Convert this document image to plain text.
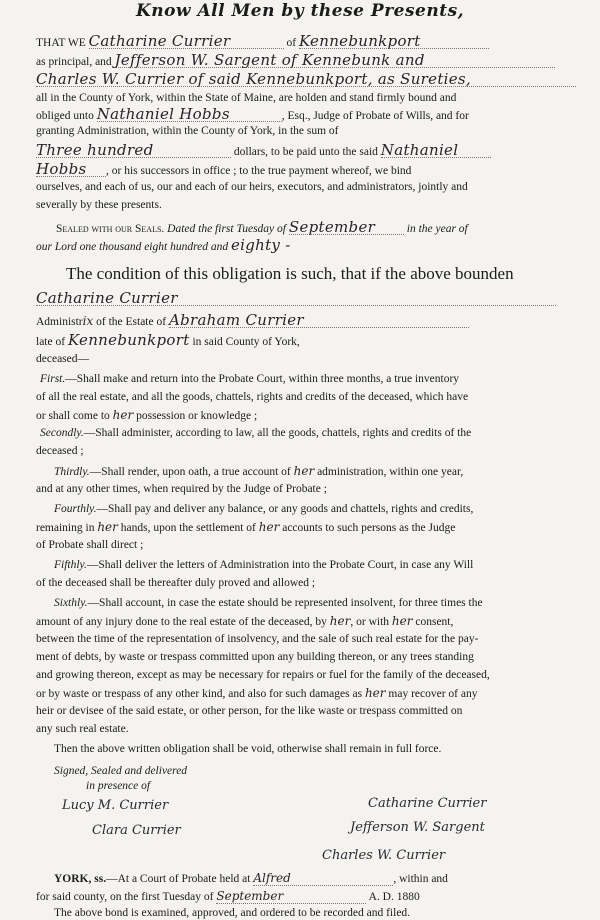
Know All Men by these Presents,
THAT WE Catharine Currier	of Kennebunkport
as principal, and Jefferson W. Sargent of Kennebunk and
Charles W. Currier of said Kennebunkport, as Sureties,
all in the County of York, within the State of Maine, are holden and stand firmly bound and
obliged unto Nathaniel Hobbs	, Esq., Judge of Probate of Wills, and for
granting Administration, within the County of York, in the sum of
Three hundred	dollars, to be paid unto the said Nathaniel
Hobbs , or his successors in office ; to the true payment whereof, we bind
ourselves, and each of us, our and each of our heirs, executors, and administrators, jointly and
severally by these presents.
Sealed with our Seals. Dated the first Tuesday of September	in the year of
our Lord one thousand eight hundred and eighty -
The condition of this obligation is such, that if the above bounden
Catharine Currier
Administrix of the Estate of Abraham Currier
late of Kennebunkport in said County of York,
deceased—
First.—Shall make and return into the Probate Court, within three months, a true inventory
of all the real estate, and all the goods, chattels, rights and credits of the deceased, which have
or shall come to her possession or knowledge ;
Secondly.—Shall administer, according to law, all the goods, chattels, rights and credits of the
deceased ;
Thirdly.—Shall render, upon oath, a true account of her administration, within one year,
and at any other times, when required by the Judge of Probate ;
Fourthly.—Shall pay and deliver any balance, or any goods and chattels, rights and credits,
remaining in her hands, upon the settlement of her accounts to such persons as the Judge
of Probate shall direct ;
Fifthly.—Shall deliver the letters of Administration into the Probate Court, in case any Will
of the deceased shall be thereafter duly proved and allowed ;
Sixthly.—Shall account, in case the estate should be represented insolvent, for three times the
amount of any injury done to the real estate of the deceased, by her, or with her consent,
between the time of the representation of insolvency, and the sale of such real estate for the pay-
ment of debts, by waste or trespass committed upon any building thereon, or any trees standing
and growing thereon, except as may be necessary for repairs or fuel for the family of the deceased,
or by waste or trespass of any other kind, and also for such damages as her may recover of any
heir or devisee of the said estate, or other person, for the like waste or trespass committed on
any such real estate.
Then the above written obligation shall be void, otherwise shall remain in full force.
Signed, Sealed and delivered
in presence of
Lucy M. Currier
Clara Currier
Catharine Currier
Jefferson W. Sargent
Charles W. Currier
YORK, ss.—At a Court of Probate held at Alfred	, within and
for said county, on the first Tuesday of September	A. D. 1880
The above bond is examined, approved, and ordered to be recorded and filed.
